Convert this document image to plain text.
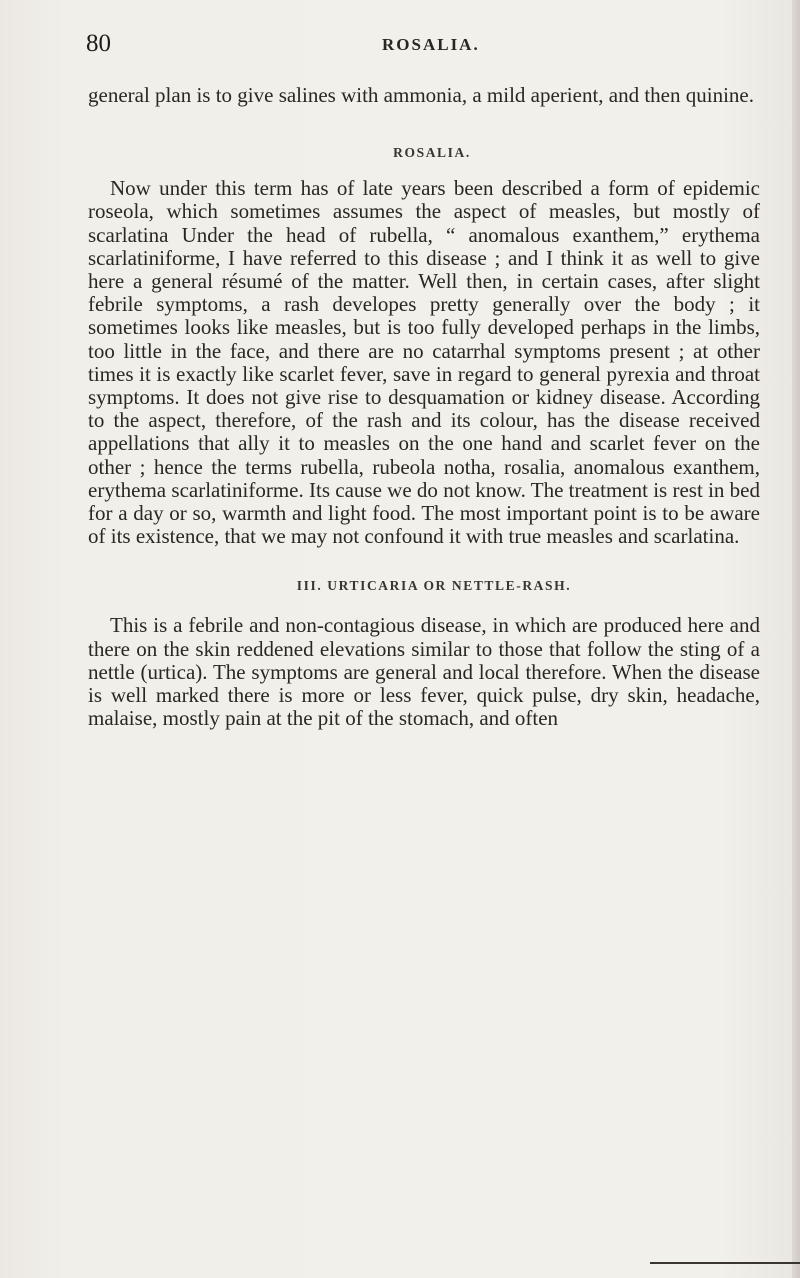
80	ROSALIA.

general plan is to give salines with ammonia, a mild aperient, and then quinine.

ROSALIA.

Now under this term has of late years been described a form of epidemic roseola, which sometimes assumes the aspect of measles, but mostly of scarlatina Under the head of rubella, “ anomalous exanthem,” erythema scarlatiniforme, I have referred to this disease ; and I think it as well to give here a general résumé of the matter. Well then, in certain cases, after slight febrile symptoms, a rash developes pretty generally over the body ; it sometimes looks like measles, but is too fully developed perhaps in the limbs, too little in the face, and there are no catarrhal symptoms present ; at other times it is exactly like scarlet fever, save in regard to general pyrexia and throat symptoms. It does not give rise to desquamation or kidney disease. According to the aspect, therefore, of the rash and its colour, has the disease received appellations that ally it to measles on the one hand and scarlet fever on the other ; hence the terms rubella, rubeola notha, rosalia, anomalous exanthem, erythema scarlatiniforme. Its cause we do not know. The treatment is rest in bed for a day or so, warmth and light food. The most important point is to be aware of its existence, that we may not confound it with true measles and scarlatina.

III. URTICARIA OR NETTLE-RASH.

This is a febrile and non-contagious disease, in which are produced here and there on the skin reddened elevations similar to those that follow the sting of a nettle (urtica). The symptoms are general and local therefore. When the disease is well marked there is more or less fever, quick pulse, dry skin, headache, malaise, mostly pain at the pit of the stomach, and often
